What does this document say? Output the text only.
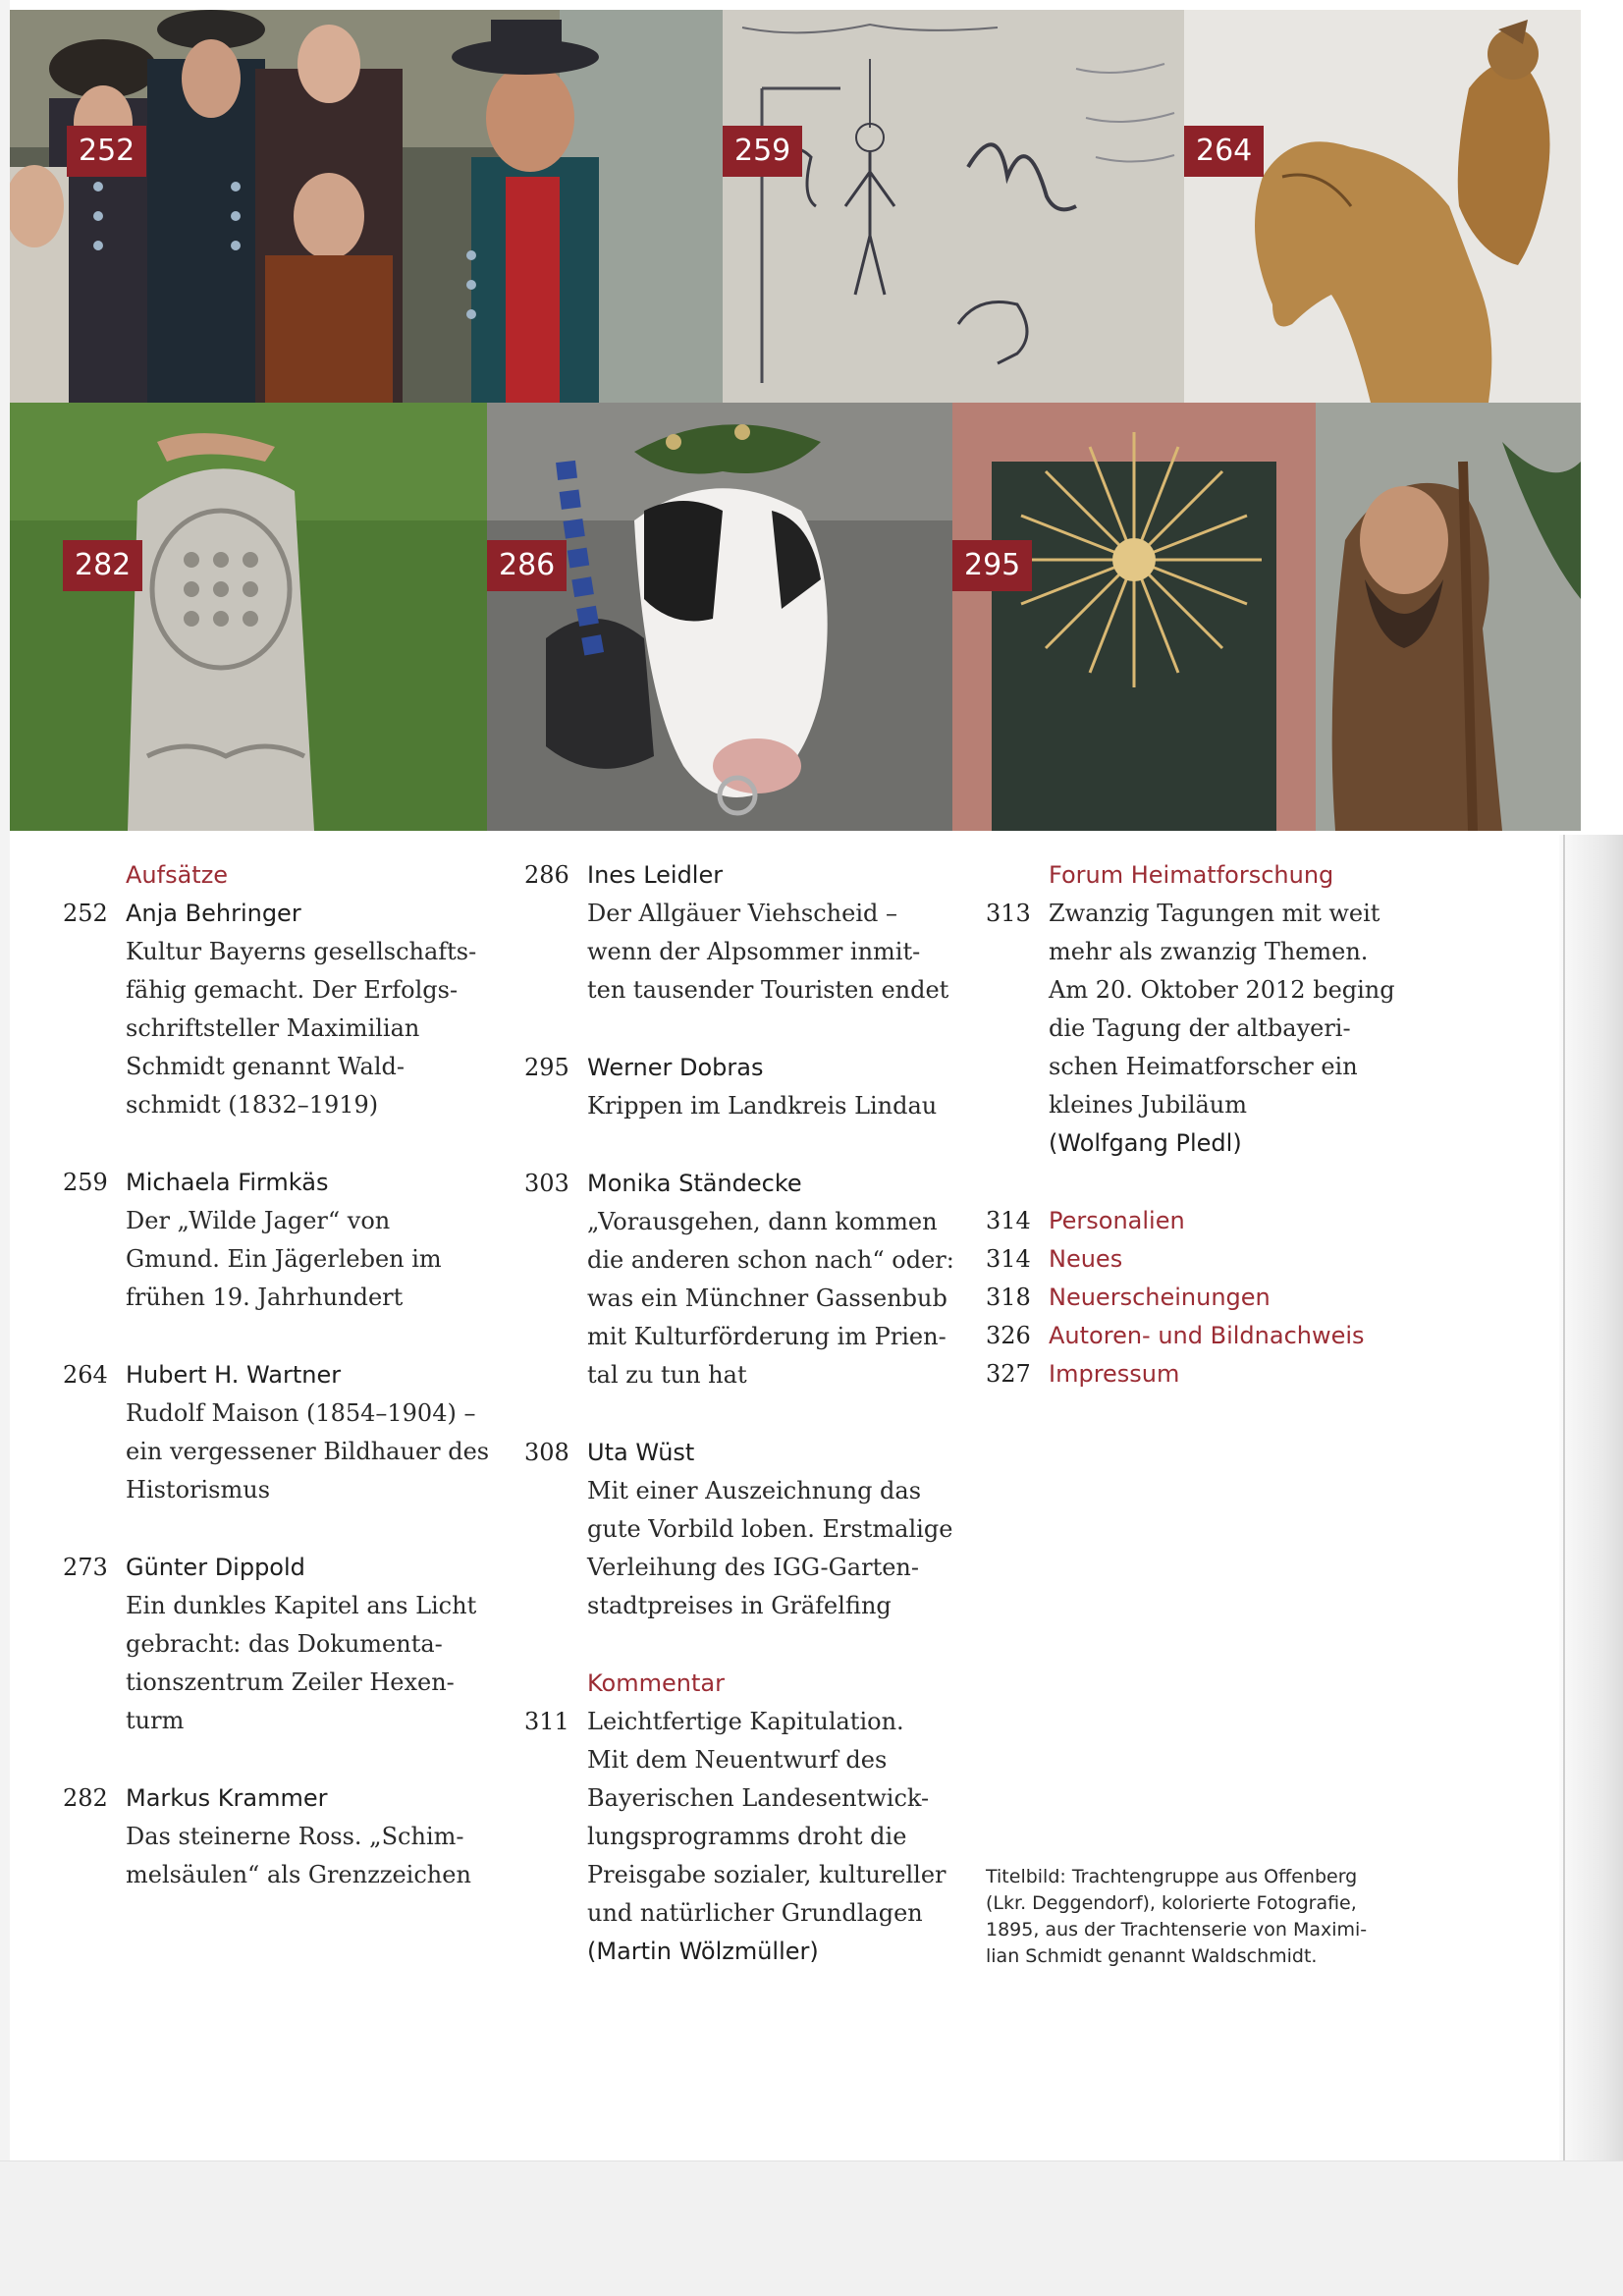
252	259	264
282	286	295
Aufsätze
252 Anja Behringer
Kultur Bayerns gesellschafts-
fähig gemacht. Der Erfolgs-
schriftsteller Maximilian
Schmidt genannt Wald-
schmidt (1832–1919)
259 Michaela Firmkäs
Der „Wilde Jager“ von
Gmund. Ein Jägerleben im
frühen 19. Jahrhundert
264 Hubert H. Wartner
Rudolf Maison (1854–1904) –
ein vergessener Bildhauer des
Historismus
273 Günter Dippold
Ein dunkles Kapitel ans Licht
gebracht: das Dokumenta-
tionszentrum Zeiler Hexen-
turm
282 Markus Krammer
Das steinerne Ross. „Schim-
melsäulen“ als Grenzzeichen
286 Ines Leidler
Der Allgäuer Viehscheid –
wenn der Alpsommer inmit-
ten tausender Touristen endet
295 Werner Dobras
Krippen im Landkreis Lindau
303 Monika Ständecke
„Vorausgehen, dann kommen
die anderen schon nach“ oder:
was ein Münchner Gassenbub
mit Kulturförderung im Prien-
tal zu tun hat
308 Uta Wüst
Mit einer Auszeichnung das
gute Vorbild loben. Erstmalige
Verleihung des IGG-Garten-
stadtpreises in Gräfelfing
Kommentar
311 Leichtfertige Kapitulation.
Mit dem Neuentwurf des
Bayerischen Landesentwick-
lungsprogramms droht die
Preisgabe sozialer, kultureller
und natürlicher Grundlagen
(Martin Wölzmüller)
Forum Heimatforschung
313 Zwanzig Tagungen mit weit
mehr als zwanzig Themen.
Am 20. Oktober 2012 beging
die Tagung der altbayeri-
schen Heimatforscher ein
kleines Jubiläum
(Wolfgang Pledl)
314 Personalien
314 Neues
318 Neuerscheinungen
326 Autoren- und Bildnachweis
327 Impressum
Titelbild: Trachtengruppe aus Offenberg
(Lkr. Deggendorf), kolorierte Fotografie,
1895, aus der Trachtenserie von Maximi-
lian Schmidt genannt Waldschmidt.
